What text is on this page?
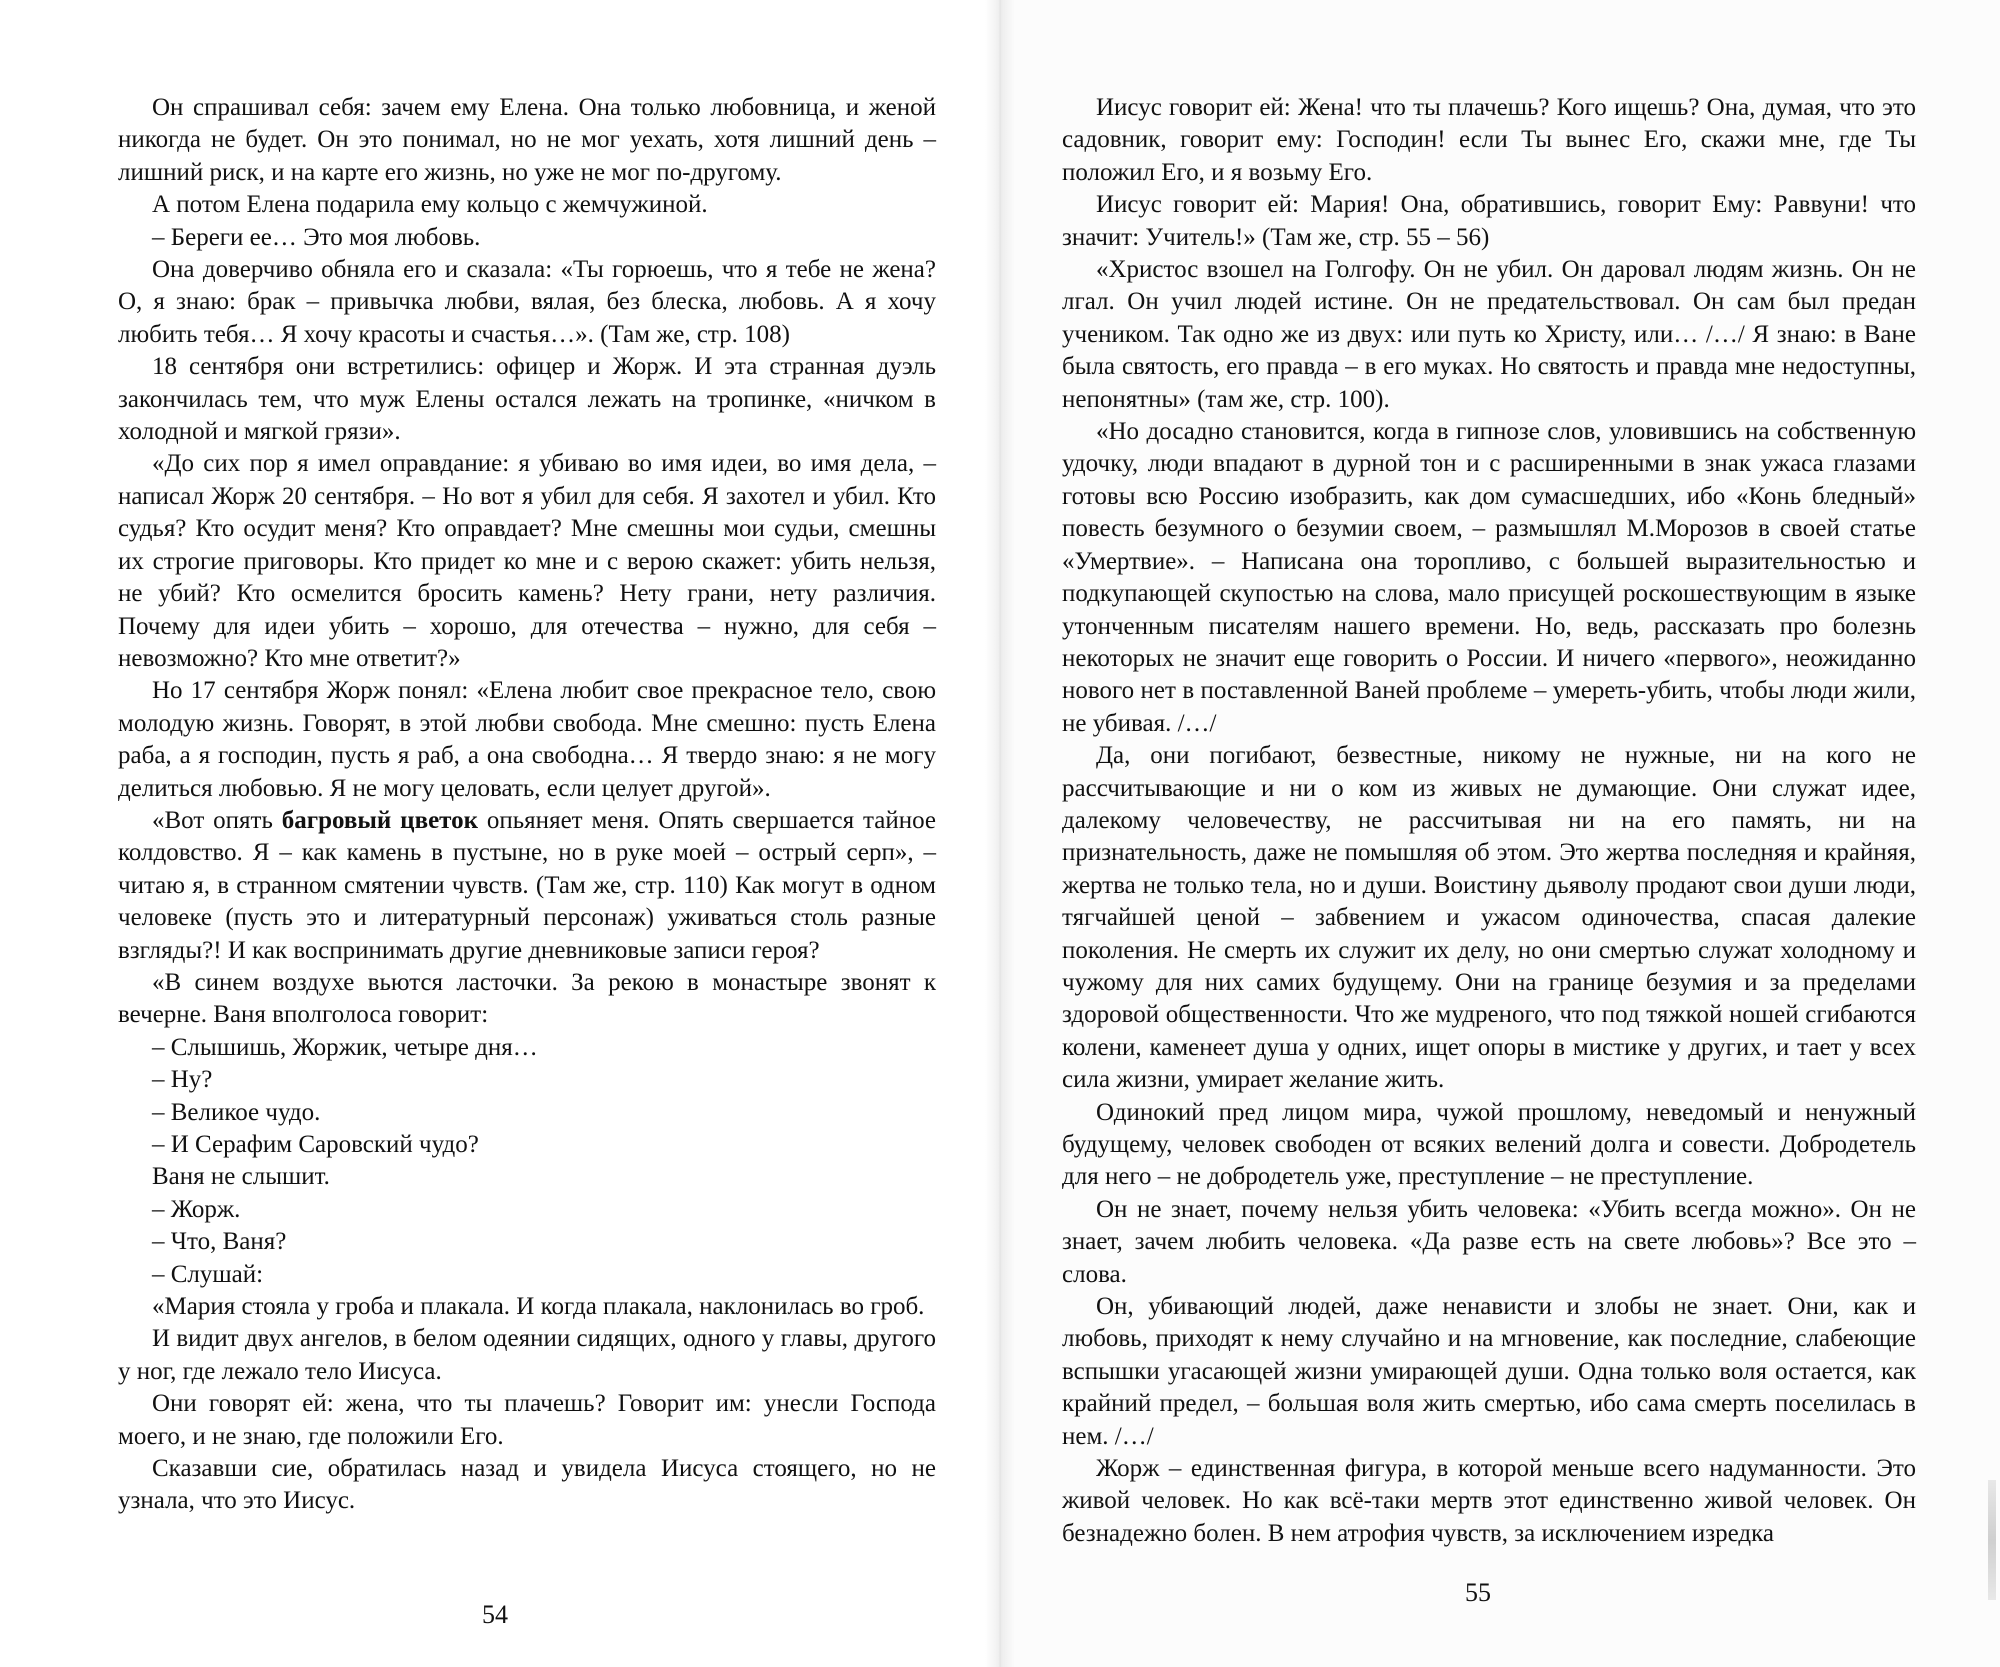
Он спрашивал себя: зачем ему Елена. Она только любовница, и женой никогда не будет. Он это понимал, но не мог уехать, хотя лишний день – лишний риск, и на карте его жизнь, но уже не мог по-другому.

А потом Елена подарила ему кольцо с жемчужиной.

– Береги ее… Это моя любовь.

Она доверчиво обняла его и сказала: «Ты горюешь, что я тебе не жена? О, я знаю: брак – привычка любви, вялая, без блеска, любовь. А я хочу любить тебя… Я хочу красоты и счастья…». (Там же, стр. 108)

18 сентября они встретились: офицер и Жорж. И эта странная дуэль закончилась тем, что муж Елены остался лежать на тропинке, «ничком в холодной и мягкой грязи».

«До сих пор я имел оправдание: я убиваю во имя идеи, во имя дела, – написал Жорж 20 сентября. – Но вот я убил для себя. Я захотел и убил. Кто судья? Кто осудит меня? Кто оправдает? Мне смешны мои судьи, смешны их строгие приговоры. Кто придет ко мне и с верою скажет: убить нельзя, не убий? Кто осмелится бросить камень? Нету грани, нету различия. Почему для идеи убить – хорошо, для отечества – нужно, для себя – невозможно? Кто мне ответит?»

Но 17 сентября Жорж понял: «Елена любит свое прекрасное тело, свою молодую жизнь. Говорят, в этой любви свобода. Мне смешно: пусть Елена раба, а я господин, пусть я раб, а она свободна… Я твердо знаю: я не могу делиться любовью. Я не могу целовать, если целует другой».

«Вот опять багровый цветок опьяняет меня. Опять свершается тайное колдовство. Я – как камень в пустыне, но в руке моей – острый серп», – читаю я, в странном смятении чувств. (Там же, стр. 110) Как могут в одном человеке (пусть это и литературный персонаж) уживаться столь разные взгляды?! И как воспринимать другие дневниковые записи героя?

«В синем воздухе вьются ласточки. За рекою в монастыре звонят к вечерне. Ваня вполголоса говорит:

– Слышишь, Жоржик, четыре дня…

– Ну?

– Великое чудо.

– И Серафим Саровский чудо?

Ваня не слышит.

– Жорж.

– Что, Ваня?

– Слушай:

«Мария стояла у гроба и плакала. И когда плакала, наклонилась во гроб.

И видит двух ангелов, в белом одеянии сидящих, одного у главы, другого у ног, где лежало тело Иисуса.

Они говорят ей: жена, что ты плачешь? Говорит им: унесли Господа моего, и не знаю, где положили Его.

Сказавши сие, обратилась назад и увидела Иисуса стоящего, но не узнала, что это Иисус.

54

Иисус говорит ей: Жена! что ты плачешь? Кого ищешь? Она, думая, что это садовник, говорит ему: Господин! если Ты вынес Его, скажи мне, где Ты положил Его, и я возьму Его.

Иисус говорит ей: Мария! Она, обратившись, говорит Ему: Раввуни! что значит: Учитель!» (Там же, стр. 55 – 56)

«Христос взошел на Голгофу. Он не убил. Он даровал людям жизнь. Он не лгал. Он учил людей истине. Он не предательствовал. Он сам был предан учеником. Так одно же из двух: или путь ко Христу, или… /…/ Я знаю: в Ване была святость, его правда – в его муках. Но святость и правда мне недоступны, непонятны» (там же, стр. 100).

«Но досадно становится, когда в гипнозе слов, уловившись на собственную удочку, люди впадают в дурной тон и с расширенными в знак ужаса глазами готовы всю Россию изобразить, как дом сумасшедших, ибо «Конь бледный» повесть безумного о безумии своем, – размышлял М.Морозов в своей статье «Умертвие». – Написана она торопливо, с большей выразительностью и подкупающей скупостью на слова, мало присущей роскошествующим в языке утонченным писателям нашего времени. Но, ведь, рассказать про болезнь некоторых не значит еще говорить о России. И ничего «первого», неожиданно нового нет в поставленной Ваней проблеме – умереть-убить, чтобы люди жили, не убивая. /…/

Да, они погибают, безвестные, никому не нужные, ни на кого не рассчитывающие и ни о ком из живых не думающие. Они служат идее, далекому человечеству, не рассчитывая ни на его память, ни на признательность, даже не помышляя об этом. Это жертва последняя и крайняя, жертва не только тела, но и души. Воистину дьяволу продают свои души люди, тягчайшей ценой – забвением и ужасом одиночества, спасая далекие поколения. Не смерть их служит их делу, но они смертью служат холодному и чужому для них самих будущему. Они на границе безумия и за пределами здоровой общественности. Что же мудреного, что под тяжкой ношей сгибаются колени, каменеет душа у одних, ищет опоры в мистике у других, и тает у всех сила жизни, умирает желание жить.

Одинокий пред лицом мира, чужой прошлому, неведомый и ненужный будущему, человек свободен от всяких велений долга и совести. Добродетель для него – не добродетель уже, преступление – не преступление.

Он не знает, почему нельзя убить человека: «Убить всегда можно». Он не знает, зачем любить человека. «Да разве есть на свете любовь»? Все это – слова.

Он, убивающий людей, даже ненависти и злобы не знает. Они, как и любовь, приходят к нему случайно и на мгновение, как последние, слабеющие вспышки угасающей жизни умирающей души. Одна только воля остается, как крайний предел, – большая воля жить смертью, ибо сама смерть поселилась в нем. /…/

Жорж – единственная фигура, в которой меньше всего надуманности. Это живой человек. Но как всё-таки мертв этот единственно живой человек. Он безнадежно болен. В нем атрофия чувств, за исключением изредка

55
